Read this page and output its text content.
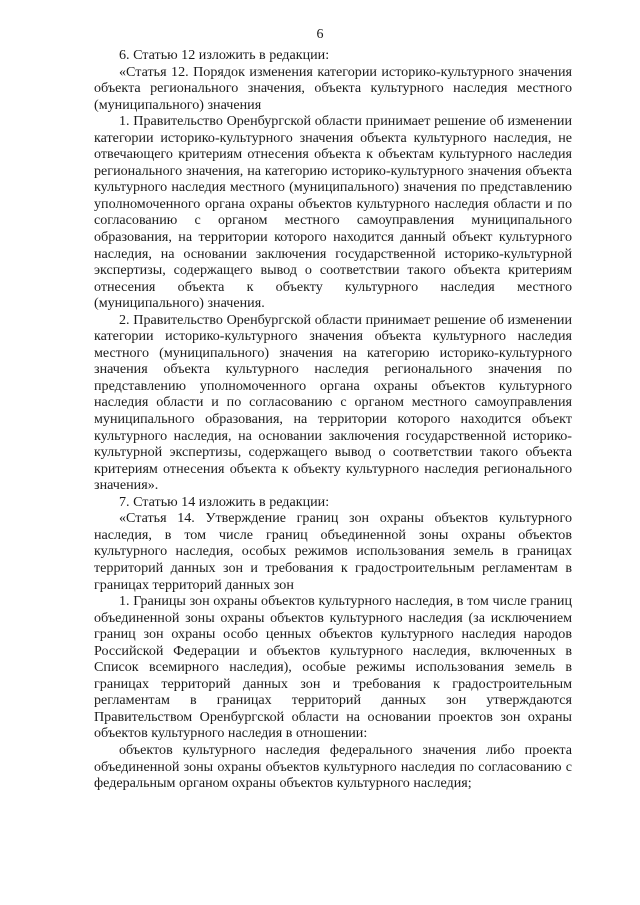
6

6. Статью 12 изложить в редакции:

«Статья 12. Порядок изменения категории историко-культурного значения объекта регионального значения, объекта культурного наследия местного (муниципального) значения

1. Правительство Оренбургской области принимает решение об изменении категории историко-культурного значения объекта культурного наследия, не отвечающего критериям отнесения объекта к объектам культурного наследия регионального значения, на категорию историко-культурного значения объекта культурного наследия местного (муниципального) значения по представлению уполномоченного органа охраны объектов культурного наследия области и по согласованию с органом местного самоуправления муниципального образования, на территории которого находится данный объект культурного наследия, на основании заключения государственной историко-культурной экспертизы, содержащего вывод о соответствии такого объекта критериям отнесения объекта к объекту культурного наследия местного (муниципального) значения.

2. Правительство Оренбургской области принимает решение об изменении категории историко-культурного значения объекта культурного наследия местного (муниципального) значения на категорию историко-культурного значения объекта культурного наследия регионального значения по представлению уполномоченного органа охраны объектов культурного наследия области и по согласованию с органом местного самоуправления муниципального образования, на территории которого находится объект культурного наследия, на основании заключения государственной историко-культурной экспертизы, содержащего вывод о соответствии такого объекта критериям отнесения объекта к объекту культурного наследия регионального значения».

7. Статью 14 изложить в редакции:

«Статья 14. Утверждение границ зон охраны объектов культурного наследия, в том числе границ объединенной зоны охраны объектов культурного наследия, особых режимов использования земель в границах территорий данных зон и требования к градостроительным регламентам в границах территорий данных зон

1. Границы зон охраны объектов культурного наследия, в том числе границ объединенной зоны охраны объектов культурного наследия (за исключением границ зон охраны особо ценных объектов культурного наследия народов Российской Федерации и объектов культурного наследия, включенных в Список всемирного наследия), особые режимы использования земель в границах территорий данных зон и требования к градостроительным регламентам в границах территорий данных зон утверждаются Правительством Оренбургской области на основании проектов зон охраны объектов культурного наследия в отношении:

объектов культурного наследия федерального значения либо проекта объединенной зоны охраны объектов культурного наследия по согласованию с федеральным органом охраны объектов культурного наследия;
